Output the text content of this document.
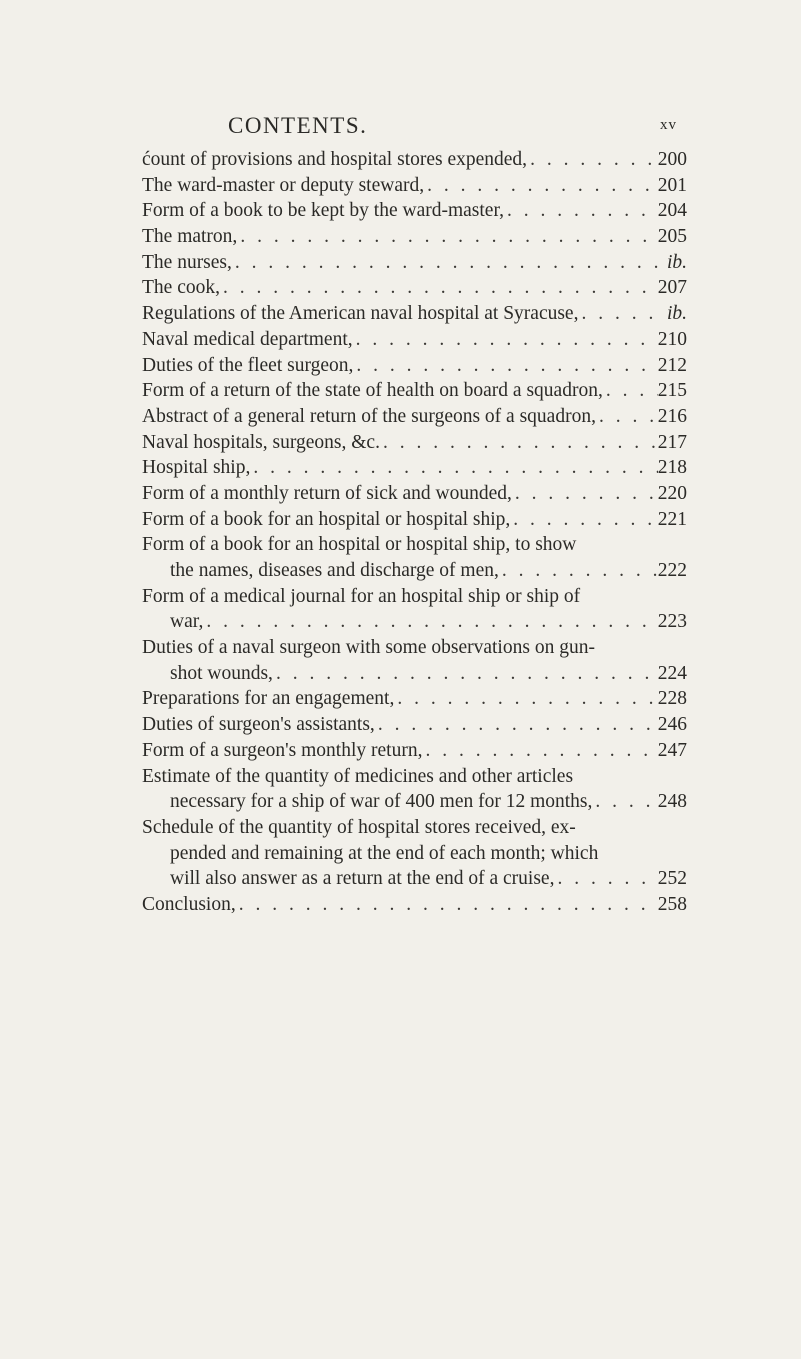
CONTENTS.	xv
ćount of provisions and hospital stores expended, . . .	200
The ward-master or deputy steward, . . .	201
Form of a book to be kept by the ward-master, . . .	204
The matron, . . .	205
The nurses, . . .	ib.
The cook, . . .	207
Regulations of the American naval hospital at Syracuse, . . .	ib.
Naval medical department, . . .	210
Duties of the fleet surgeon, . . .	212
Form of a return of the state of health on board a squadron, . . .	215
Abstract of a general return of the surgeons of a squadron, . . .	216
Naval hospitals, surgeons, &c. . . .	217
Hospital ship, . . .	218
Form of a monthly return of sick and wounded, . . .	220
Form of a book for an hospital or hospital ship, . . .	221
Form of a book for an hospital or hospital ship, to show
the names, diseases and discharge of men, . . .	222
Form of a medical journal for an hospital ship or ship of
war, . . .	223
Duties of a naval surgeon with some observations on gun-
shot wounds, . . .	224
Preparations for an engagement, . . .	228
Duties of surgeon's assistants, . . .	246
Form of a surgeon's monthly return, . . .	247
Estimate of the quantity of medicines and other articles
necessary for a ship of war of 400 men for 12 months, . . .	248
Schedule of the quantity of hospital stores received, ex-
pended and remaining at the end of each month; which
will also answer as a return at the end of a cruise, . . .	252
Conclusion, . . .	258
